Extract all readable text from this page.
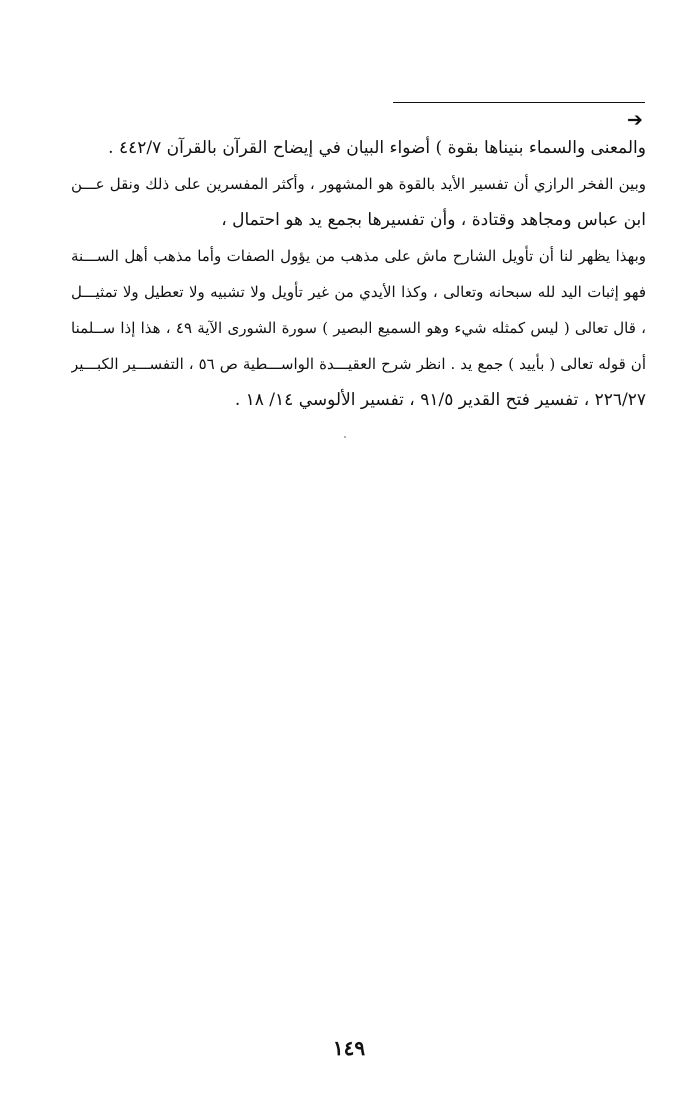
➔
والمعنى والسماء بنيناها بقوة ) أضواء البيان في إيضاح القرآن بالقرآن ٤٤٢/٧ .
وبين الفخر الرازي أن تفسير الأيد بالقوة هو المشهور ، وأكثر المفسرين على ذلك ونقل عـــن
ابن عباس ومجاهد وقتادة ، وأن تفسيرها بجمع يد هو احتمال ،
وبهذا يظهر لنا أن تأويل الشارح ماش على مذهب من يؤول الصفات وأما مذهب أهل الســـنة
فهو إثبات اليد لله سبحانه وتعالى ، وكذا الأيدي من غير تأويل ولا تشبيه ولا تعطيل ولا تمثيـــل
، قال تعالى ( ليس كمثله شيء وهو السميع البصير ) سورة الشورى الآية ٤٩ ، هذا إذا ســلمنا
أن قوله تعالى ( بأييد ) جمع يد . انظر شرح العقيـــدة الواســـطية ص ٥٦ ، التفســـير الكبـــير
٢٢٦/٢٧ ، تفسير فتح القدير ٩١/٥ ، تفسير الألوسي ١٤/ ١٨ .
١٤٩
